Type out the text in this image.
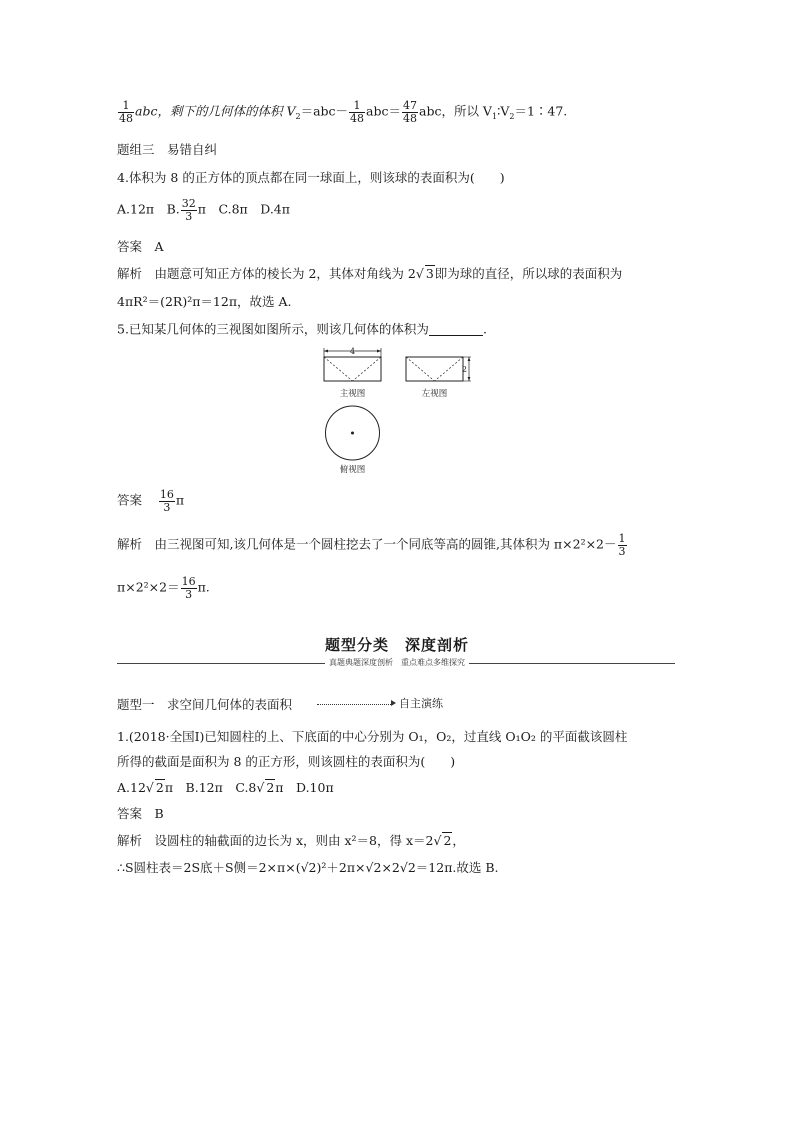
$\frac{1}{48}$ abc，剩下的几何体的体积 $V_2=abc- \frac{1}{48} abc= \frac{47}{48}$ abc，所以 $V_1∶V_2=1∶47$.
题组三　易错自纠
4.体积为 8 的正方体的顶点都在同一球面上，则该球的表面积为(　　)
A.12π　B. $\frac{32}{3}$ π　C.8π　D.4π
答案　A
解析　由题意可知正方体的棱长为 2，其体对角线为 2√ 3即为球的直径，所以球的表面积为
4πR²＝(2R)²π＝12π，故选 A.
5.已知某几何体的三视图如图所示，则该几何体的体积为	.
4
主视图
2
左视图
俯视图
答案 $\frac{16}{3}$ π
解析　由三视图可知,该几何体是一个圆柱挖去了一个同底等高的圆锥,其体积为 $\pi\times 2^2\times 2- \frac{1}{3}$
$\pi\times 2^2\times 2= \frac{16}{3} \pi$.
题型分类　深度剖析
真题典题深度剖析　重点难点多维探究
题型一　求空间几何体的表面积	自主演练
1.(2018·全国Ⅰ)已知圆柱的上、下底面的中心分别为 O₁，O₂，过直线 O₁O₂ 的平面截该圆柱
所得的截面是面积为 8 的正方形，则该圆柱的表面积为(　　)
A.12√ 2π　B.12π　C.8√ 2π　D.10π
答案　B
解析　设圆柱的轴截面的边长为 x，则由 x²＝8，得 x＝2√ 2，
∴S圆柱表＝2S底＋S侧＝2×π×(√2)²＋2π×√2×2√2＝12π.故选 B.
